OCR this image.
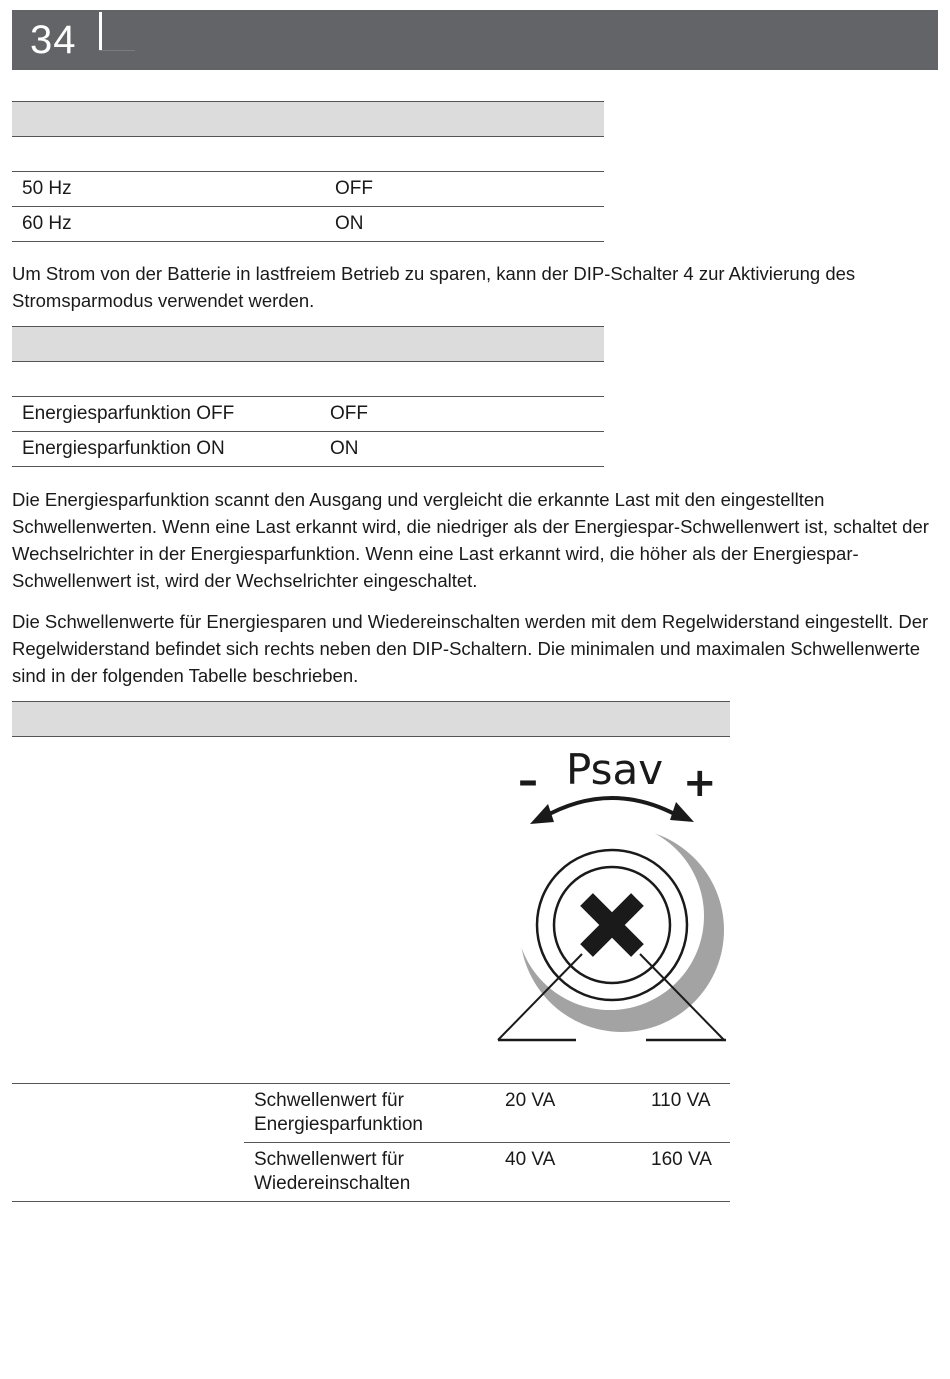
34
50 Hz	OFF
60 Hz	ON

Um Strom von der Batterie in lastfreiem Betrieb zu sparen, kann der DIP-Schalter 4 zur Aktivierung des Stromsparmodus verwendet werden.

Energiesparfunktion OFF	OFF
Energiesparfunktion ON	ON

Die Energiesparfunktion scannt den Ausgang und vergleicht die erkannte Last mit den eingestellten Schwellenwerten. Wenn eine Last erkannt wird, die niedriger als der Energiespar-Schwellenwert ist, schaltet der Wechselrichter in der Energiesparfunktion. Wenn eine Last erkannt wird, die höher als der Energiespar-Schwellenwert ist, wird der Wechselrichter eingeschaltet.

Die Schwellenwerte für Energiesparen und Wiedereinschalten werden mit dem Regelwiderstand eingestellt. Der Regelwiderstand befindet sich rechts neben den DIP-Schaltern. Die minimalen und maximalen Schwellenwerte sind in der folgenden Tabelle beschrieben.

Psav
–	+
Schwellenwert für
Energiesparfunktion
20 VA	110 VA
Schwellenwert für
Wiedereinschalten
40 VA	160 VA
